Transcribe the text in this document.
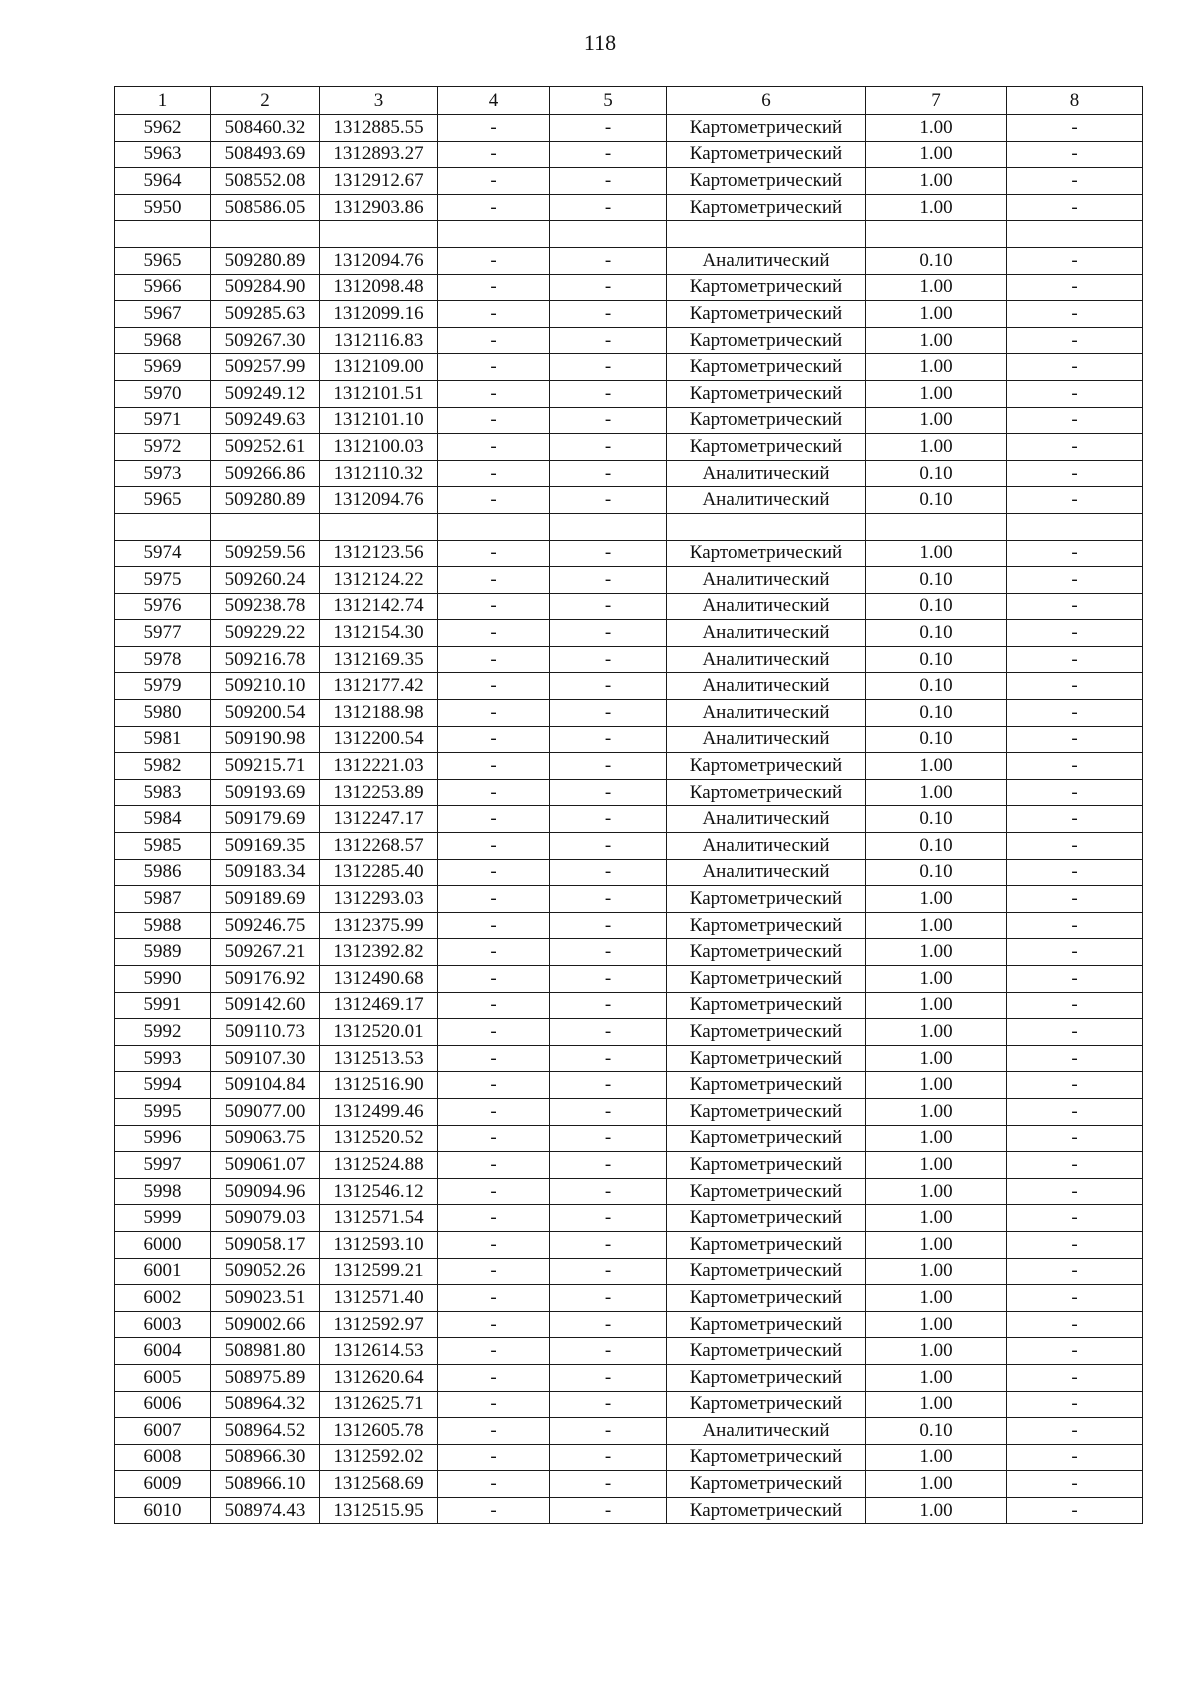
118
1	2	3	4	5	6	7	8
5962	508460.32	1312885.55	-	-	Картометрический	1.00	-
5963	508493.69	1312893.27	-	-	Картометрический	1.00	-
5964	508552.08	1312912.67	-	-	Картометрический	1.00	-
5950	508586.05	1312903.86	-	-	Картометрический	1.00	-

5965	509280.89	1312094.76	-	-	Аналитический	0.10	-
5966	509284.90	1312098.48	-	-	Картометрический	1.00	-
5967	509285.63	1312099.16	-	-	Картометрический	1.00	-
5968	509267.30	1312116.83	-	-	Картометрический	1.00	-
5969	509257.99	1312109.00	-	-	Картометрический	1.00	-
5970	509249.12	1312101.51	-	-	Картометрический	1.00	-
5971	509249.63	1312101.10	-	-	Картометрический	1.00	-
5972	509252.61	1312100.03	-	-	Картометрический	1.00	-
5973	509266.86	1312110.32	-	-	Аналитический	0.10	-
5965	509280.89	1312094.76	-	-	Аналитический	0.10	-

5974	509259.56	1312123.56	-	-	Картометрический	1.00	-
5975	509260.24	1312124.22	-	-	Аналитический	0.10	-
5976	509238.78	1312142.74	-	-	Аналитический	0.10	-
5977	509229.22	1312154.30	-	-	Аналитический	0.10	-
5978	509216.78	1312169.35	-	-	Аналитический	0.10	-
5979	509210.10	1312177.42	-	-	Аналитический	0.10	-
5980	509200.54	1312188.98	-	-	Аналитический	0.10	-
5981	509190.98	1312200.54	-	-	Аналитический	0.10	-
5982	509215.71	1312221.03	-	-	Картометрический	1.00	-
5983	509193.69	1312253.89	-	-	Картометрический	1.00	-
5984	509179.69	1312247.17	-	-	Аналитический	0.10	-
5985	509169.35	1312268.57	-	-	Аналитический	0.10	-
5986	509183.34	1312285.40	-	-	Аналитический	0.10	-
5987	509189.69	1312293.03	-	-	Картометрический	1.00	-
5988	509246.75	1312375.99	-	-	Картометрический	1.00	-
5989	509267.21	1312392.82	-	-	Картометрический	1.00	-
5990	509176.92	1312490.68	-	-	Картометрический	1.00	-
5991	509142.60	1312469.17	-	-	Картометрический	1.00	-
5992	509110.73	1312520.01	-	-	Картометрический	1.00	-
5993	509107.30	1312513.53	-	-	Картометрический	1.00	-
5994	509104.84	1312516.90	-	-	Картометрический	1.00	-
5995	509077.00	1312499.46	-	-	Картометрический	1.00	-
5996	509063.75	1312520.52	-	-	Картометрический	1.00	-
5997	509061.07	1312524.88	-	-	Картометрический	1.00	-
5998	509094.96	1312546.12	-	-	Картометрический	1.00	-
5999	509079.03	1312571.54	-	-	Картометрический	1.00	-
6000	509058.17	1312593.10	-	-	Картометрический	1.00	-
6001	509052.26	1312599.21	-	-	Картометрический	1.00	-
6002	509023.51	1312571.40	-	-	Картометрический	1.00	-
6003	509002.66	1312592.97	-	-	Картометрический	1.00	-
6004	508981.80	1312614.53	-	-	Картометрический	1.00	-
6005	508975.89	1312620.64	-	-	Картометрический	1.00	-
6006	508964.32	1312625.71	-	-	Картометрический	1.00	-
6007	508964.52	1312605.78	-	-	Аналитический	0.10	-
6008	508966.30	1312592.02	-	-	Картометрический	1.00	-
6009	508966.10	1312568.69	-	-	Картометрический	1.00	-
6010	508974.43	1312515.95	-	-	Картометрический	1.00	-
